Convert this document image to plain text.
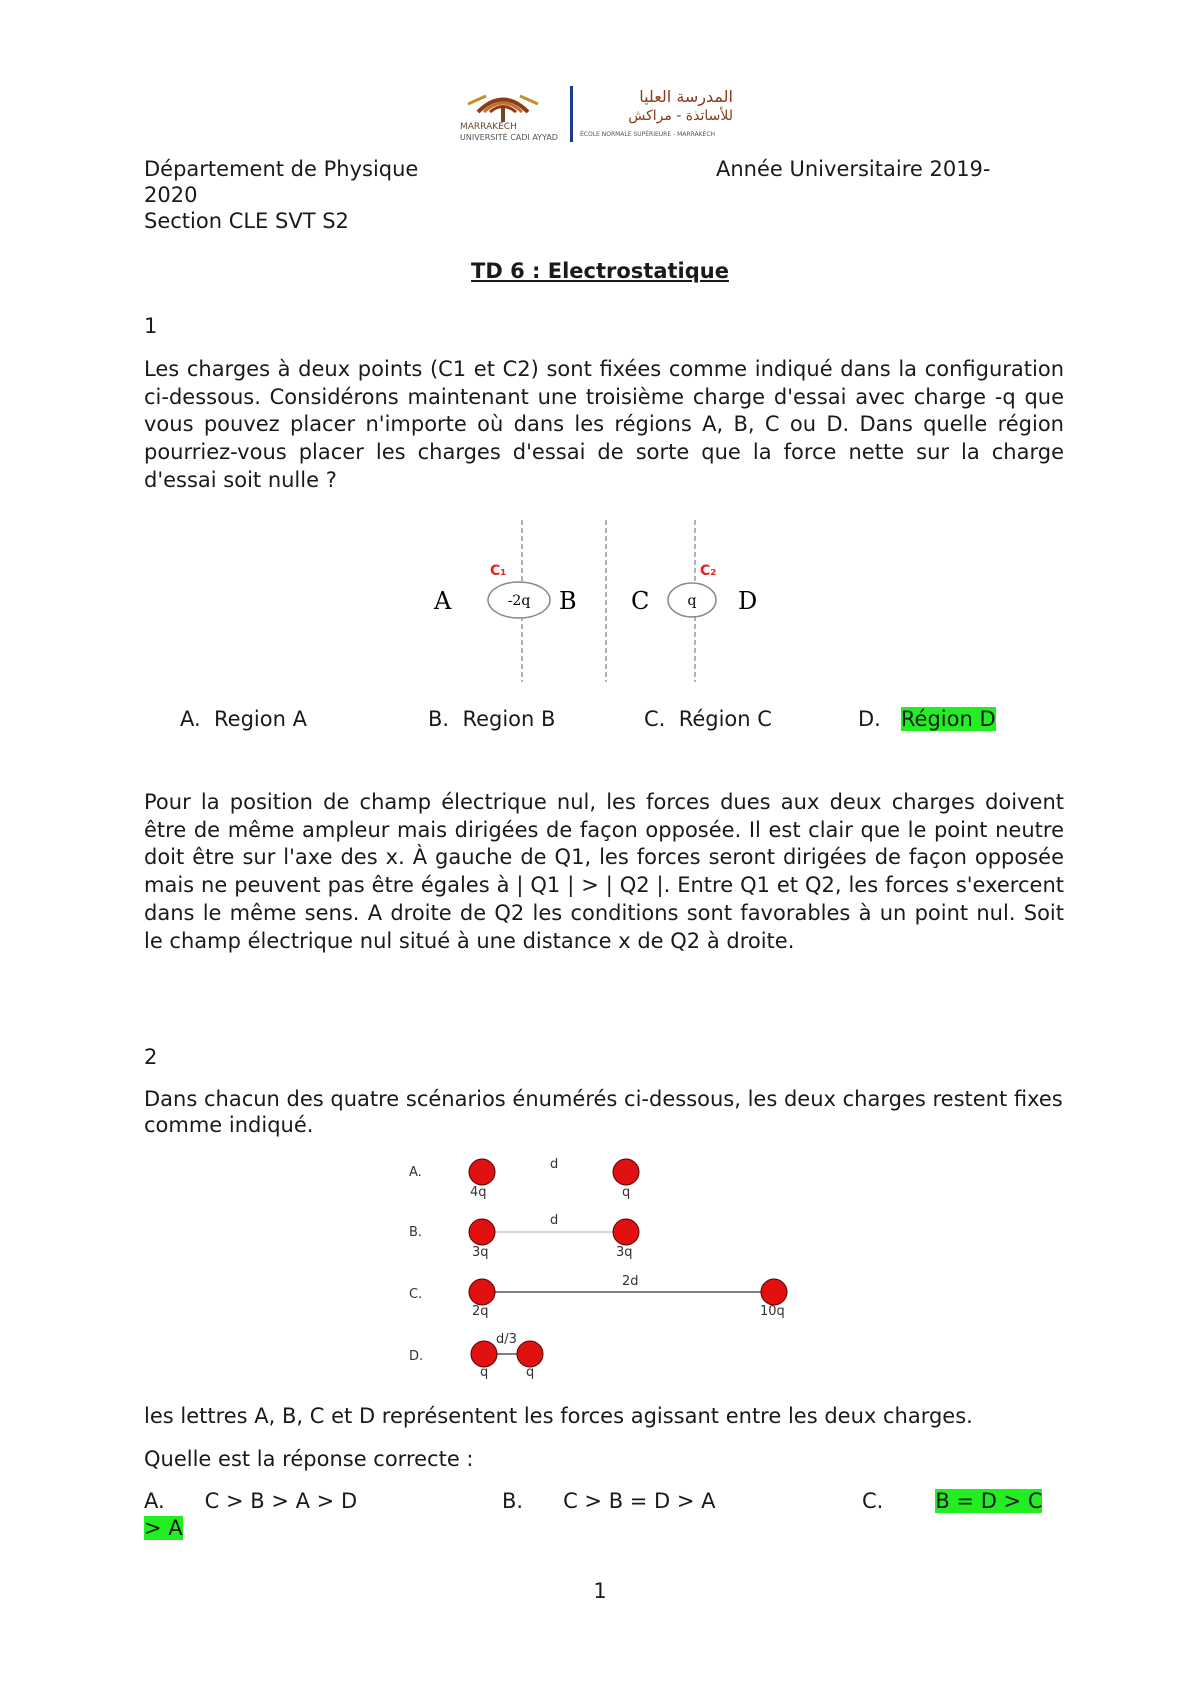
MARRAKECH
UNIVERSITÉ CADI AYYAD
المدرسة العليا
للأساتذة - مراكش
ÉCOLE NORMALE SUPÉRIEURE - MARRAKECH
Département de Physique	Année Universitaire 2019-
2020
Section CLE SVT S2
TD 6 : Electrostatique
1
Les charges à deux points (C1 et C2) sont fixées comme indiqué dans la configuration ci-dessous. Considérons maintenant une troisième charge d'essai avec charge -q que vous pouvez placer n'importe où dans les régions A, B, C ou D. Dans quelle région pourriez-vous placer les charges d'essai de sorte que la force nette sur la charge d'essai soit nulle ?
C₁	C₂
-2q	q
A	B C	D
A. Region A	B. Region B	C. Région C	D. Région D
Pour la position de champ électrique nul, les forces dues aux deux charges doivent être de même ampleur mais dirigées de façon opposée. Il est clair que le point neutre doit être sur l'axe des x. À gauche de Q1, les forces seront dirigées de façon opposée mais ne peuvent pas être égales à | Q1 | > | Q2 |. Entre Q1 et Q2, les forces s'exercent dans le même sens. A droite de Q2 les conditions sont favorables à un point nul. Soit le champ électrique nul situé à une distance x de Q2 à droite.
2
Dans chacun des quatre scénarios énumérés ci-dessous, les deux charges restent fixes comme indiqué.
A.
d
4q	q
B.
d
3q	3q
C.
2d
2q	10q
D.
d/3
q	q
les lettres A, B, C et D représentent les forces agissant entre les deux charges.
Quelle est la réponse correcte :
A. C > B > A > D	B. C > B = D > A	C. B = D > C
> A
1
